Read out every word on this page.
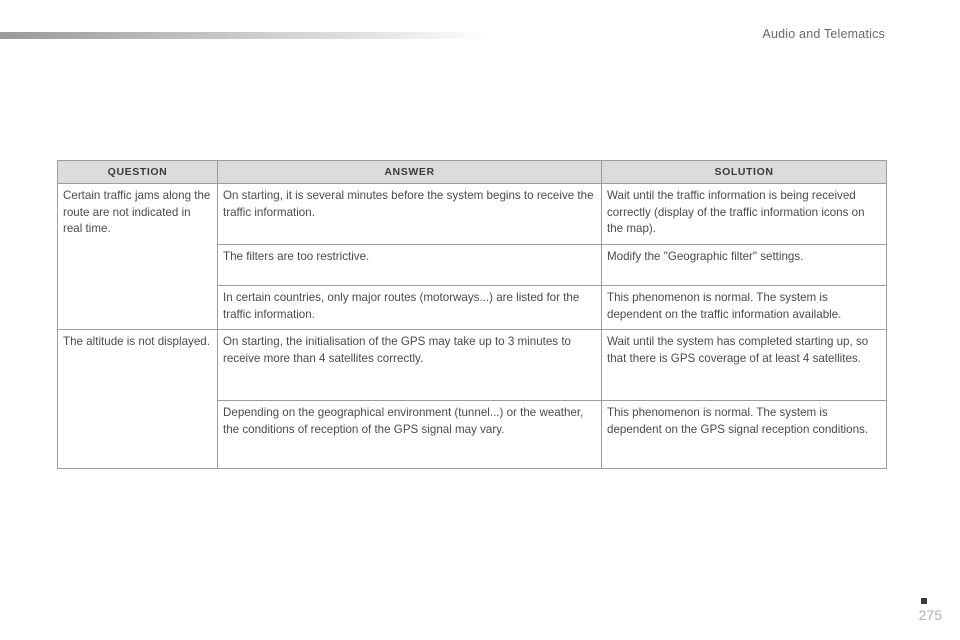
Audio and Telematics
QUESTION	ANSWER	SOLUTION
Certain traffic jams along the route are not indicated in real time.	On starting, it is several minutes before the system begins to receive the traffic information.	Wait until the traffic information is being received correctly (display of the traffic information icons on the map).
	The filters are too restrictive.	Modify the "Geographic filter" settings.
	In certain countries, only major routes (motorways...) are listed for the traffic information.	This phenomenon is normal. The system is dependent on the traffic information available.
The altitude is not displayed.	On starting, the initialisation of the GPS may take up to 3 minutes to receive more than 4 satellites correctly.	Wait until the system has completed starting up, so that there is GPS coverage of at least 4 satellites.
	Depending on the geographical environment (tunnel...) or the weather, the conditions of reception of the GPS signal may vary.	This phenomenon is normal. The system is dependent on the GPS signal reception conditions.
275
